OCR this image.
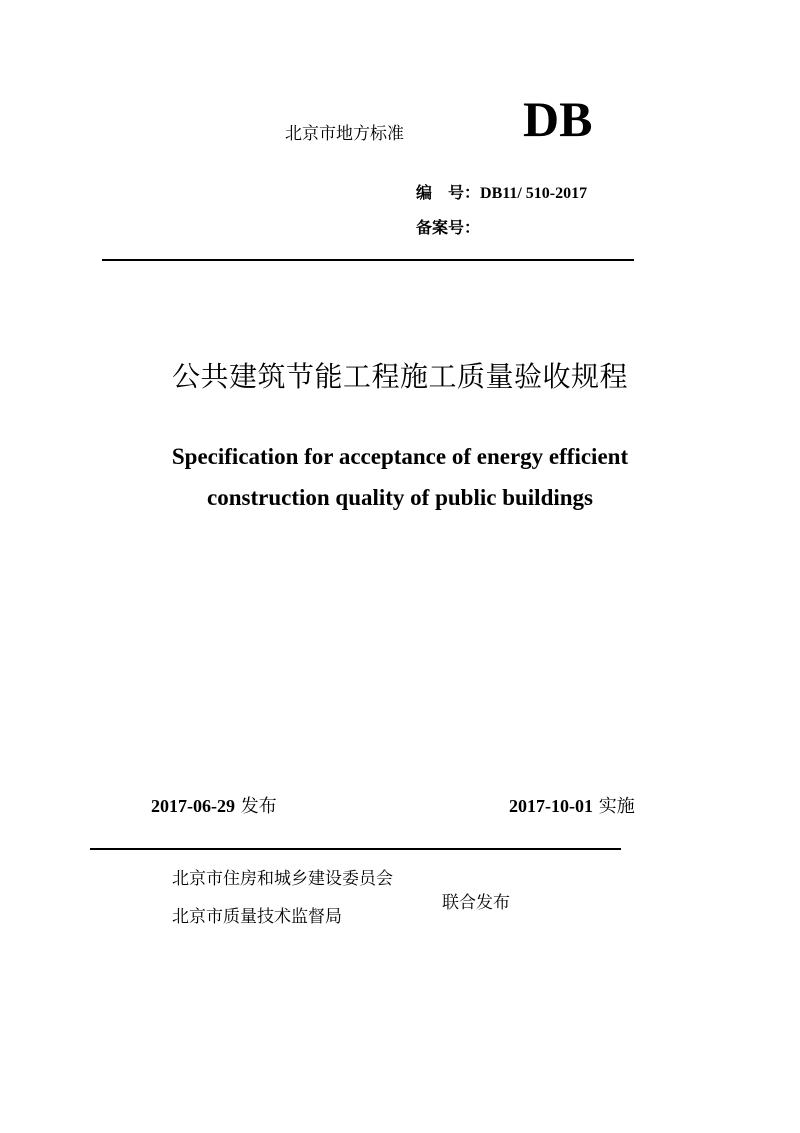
北京市地方标准 DB
编　号：DB11/ 510-2017
备案号：
公共建筑节能工程施工质量验收规程
Specification for acceptance of energy efficient
construction quality of public buildings
2017-06-29 发布	2017-10-01 实施
北京市住房和城乡建设委员会
北京市质量技术监督局
联合发布
